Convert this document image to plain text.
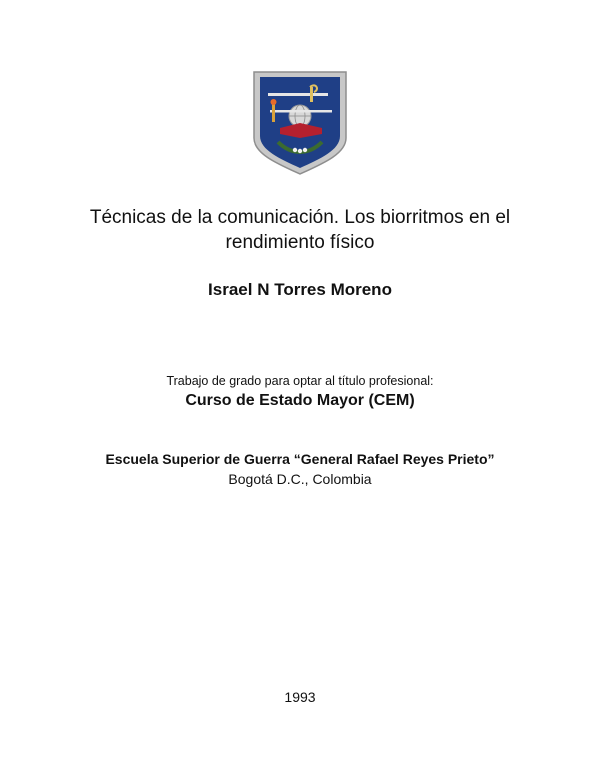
Técnicas de la comunicación. Los biorritmos en el rendimiento físico
Israel N Torres Moreno
Trabajo de grado para optar al título profesional:
Curso de Estado Mayor (CEM)
Escuela Superior de Guerra “General Rafael Reyes Prieto”
Bogotá D.C., Colombia
1993
